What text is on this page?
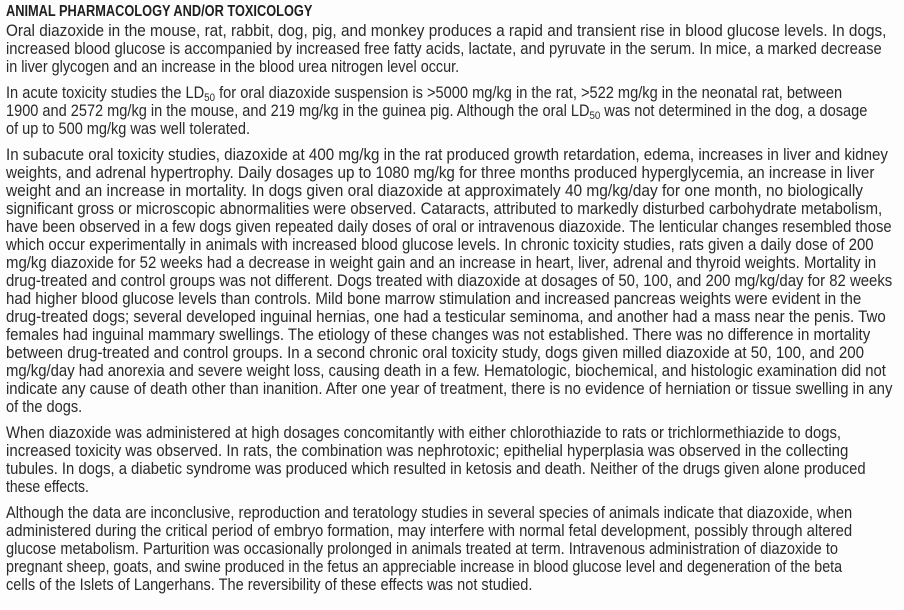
ANIMAL PHARMACOLOGY AND/OR TOXICOLOGY
Oral diazoxide in the mouse, rat, rabbit, dog, pig, and monkey produces a rapid and transient rise in blood glucose levels. In dogs,
increased blood glucose is accompanied by increased free fatty acids, lactate, and pyruvate in the serum. In mice, a marked decrease
in liver glycogen and an increase in the blood urea nitrogen level occur.
In acute toxicity studies the $LD_{50}$ for oral diazoxide suspension is >5000 mg/kg in the rat, >522 mg/kg in the neonatal rat, between
1900 and 2572 mg/kg in the mouse, and 219 mg/kg in the guinea pig. Although the oral $LD_{50}$ was not determined in the dog, a dosage
of up to 500 mg/kg was well tolerated.
In subacute oral toxicity studies, diazoxide at 400 mg/kg in the rat produced growth retardation, edema, increases in liver and kidney
weights, and adrenal hypertrophy. Daily dosages up to 1080 mg/kg for three months produced hyperglycemia, an increase in liver
weight and an increase in mortality. In dogs given oral diazoxide at approximately 40 mg/kg/day for one month, no biologically
significant gross or microscopic abnormalities were observed. Cataracts, attributed to markedly disturbed carbohydrate metabolism,
have been observed in a few dogs given repeated daily doses of oral or intravenous diazoxide. The lenticular changes resembled those
which occur experimentally in animals with increased blood glucose levels. In chronic toxicity studies, rats given a daily dose of 200
mg/kg diazoxide for 52 weeks had a decrease in weight gain and an increase in heart, liver, adrenal and thyroid weights. Mortality in
drug-treated and control groups was not different. Dogs treated with diazoxide at dosages of 50, 100, and 200 mg/kg/day for 82 weeks
had higher blood glucose levels than controls. Mild bone marrow stimulation and increased pancreas weights were evident in the
drug-treated dogs; several developed inguinal hernias, one had a testicular seminoma, and another had a mass near the penis. Two
females had inguinal mammary swellings. The etiology of these changes was not established. There was no difference in mortality
between drug-treated and control groups. In a second chronic oral toxicity study, dogs given milled diazoxide at 50, 100, and 200
mg/kg/day had anorexia and severe weight loss, causing death in a few. Hematologic, biochemical, and histologic examination did not
indicate any cause of death other than inanition. After one year of treatment, there is no evidence of herniation or tissue swelling in any
of the dogs.
When diazoxide was administered at high dosages concomitantly with either chlorothiazide to rats or trichlormethiazide to dogs,
increased toxicity was observed. In rats, the combination was nephrotoxic; epithelial hyperplasia was observed in the collecting
tubules. In dogs, a diabetic syndrome was produced which resulted in ketosis and death. Neither of the drugs given alone produced
these effects.
Although the data are inconclusive, reproduction and teratology studies in several species of animals indicate that diazoxide, when
administered during the critical period of embryo formation, may interfere with normal fetal development, possibly through altered
glucose metabolism. Parturition was occasionally prolonged in animals treated at term. Intravenous administration of diazoxide to
pregnant sheep, goats, and swine produced in the fetus an appreciable increase in blood glucose level and degeneration of the beta
cells of the Islets of Langerhans. The reversibility of these effects was not studied.
